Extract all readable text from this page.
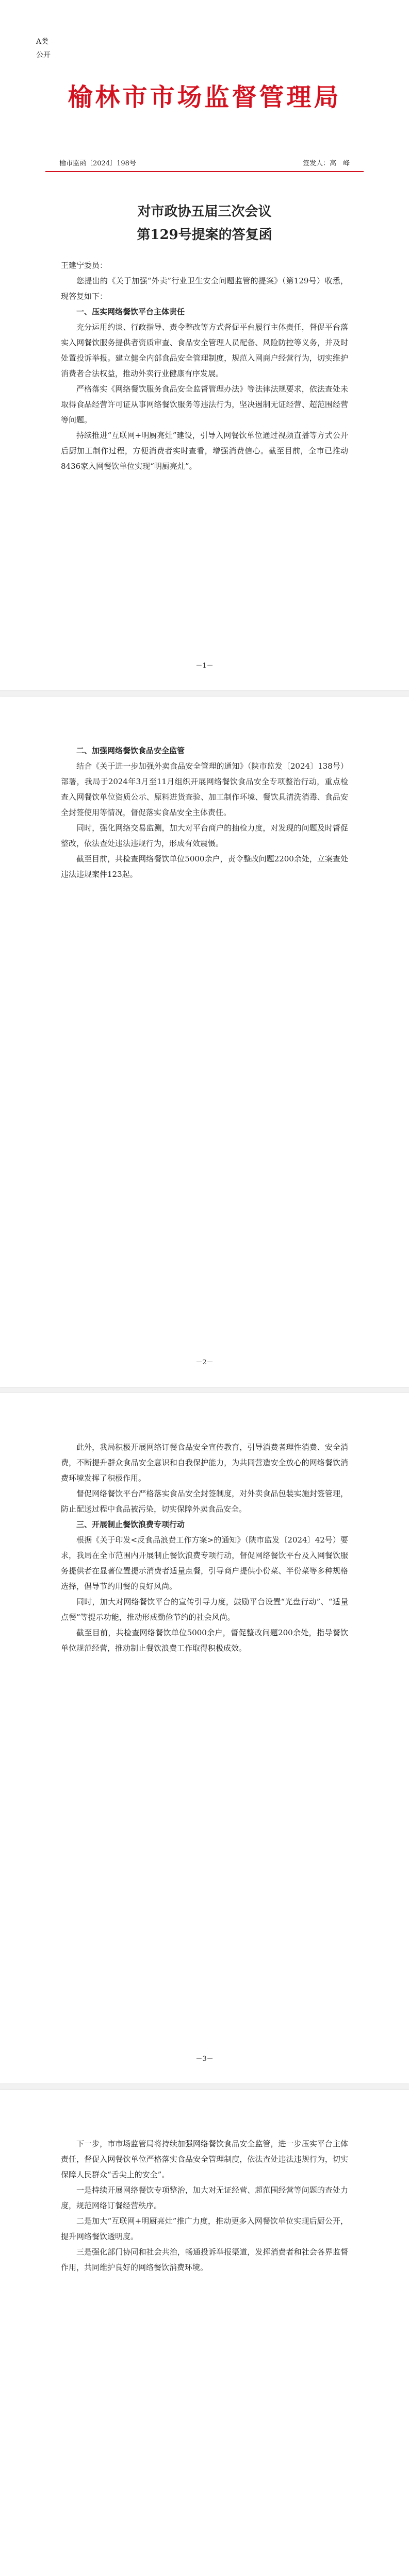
A类
公开
榆林市市场监督管理局
榆市监函〔2024〕198号	签发人：高　峰
对市政协五届三次会议
第129号提案的答复函

王建宁委员：

您提出的《关于加强“外卖”行业卫生安全问题监管的提案》（第129号）收悉，现答复如下：

一、压实网络餐饮平台主体责任

充分运用约谈、行政指导、责令整改等方式督促平台履行主体责任，督促平台落实入网餐饮服务提供者资质审查、食品安全管理人员配备、风险防控等义务，并及时处置投诉举报。建立健全内部食品安全管理制度，规范入网商户经营行为，切实维护消费者合法权益，推动外卖行业健康有序发展。

严格落实《网络餐饮服务食品安全监督管理办法》等法律法规要求，依法查处未取得食品经营许可证从事网络餐饮服务等违法行为，坚决遏制无证经营、超范围经营等问题。

持续推进“互联网+明厨亮灶”建设，引导入网餐饮单位通过视频直播等方式公开后厨加工制作过程，方便消费者实时查看，增强消费信心。截至目前，全市已推动8436家入网餐饮单位实现“明厨亮灶”。

－1－
二、加强网络餐饮食品安全监管

结合《关于进一步加强外卖食品安全管理的通知》（陕市监发〔2024〕138号）部署，我局于2024年3月至11月组织开展网络餐饮食品安全专项整治行动，重点检查入网餐饮单位资质公示、原料进货查验、加工制作环境、餐饮具清洗消毒、食品安全封签使用等情况，督促落实食品安全主体责任。

同时，强化网络交易监测，加大对平台商户的抽检力度，对发现的问题及时督促整改，依法查处违法违规行为，形成有效震慑。

截至目前，共检查网络餐饮单位5000余户，责令整改问题2200余处，立案查处违法违规案件123起。

－2－

此外，我局积极开展网络订餐食品安全宣传教育，引导消费者理性消费、安全消费，不断提升群众食品安全意识和自我保护能力，为共同营造安全放心的网络餐饮消费环境发挥了积极作用。

督促网络餐饮平台严格落实食品安全封签制度，对外卖食品包装实施封签管理，防止配送过程中食品被污染，切实保障外卖食品安全。

三、开展制止餐饮浪费专项行动

根据《关于印发<反食品浪费工作方案>的通知》（陕市监发〔2024〕42号）要求，我局在全市范围内开展制止餐饮浪费专项行动，督促网络餐饮平台及入网餐饮服务提供者在显著位置提示消费者适量点餐，引导商户提供小份菜、半份菜等多种规格选择，倡导节约用餐的良好风尚。

同时，加大对网络餐饮平台的宣传引导力度，鼓励平台设置“光盘行动”、“适量点餐”等提示功能，推动形成勤俭节约的社会风尚。

截至目前，共检查网络餐饮单位5000余户，督促整改问题200余处，指导餐饮单位规范经营，推动制止餐饮浪费工作取得积极成效。

－3－

下一步，市市场监管局将持续加强网络餐饮食品安全监管，进一步压实平台主体责任，督促入网餐饮单位严格落实食品安全管理制度，依法查处违法违规行为，切实保障人民群众“舌尖上的安全”。

一是持续开展网络餐饮专项整治，加大对无证经营、超范围经营等问题的查处力度，规范网络订餐经营秩序。

二是加大“互联网+明厨亮灶”推广力度，推动更多入网餐饮单位实现后厨公开，提升网络餐饮透明度。

三是强化部门协同和社会共治，畅通投诉举报渠道，发挥消费者和社会各界监督作用，共同维护良好的网络餐饮消费环境。
